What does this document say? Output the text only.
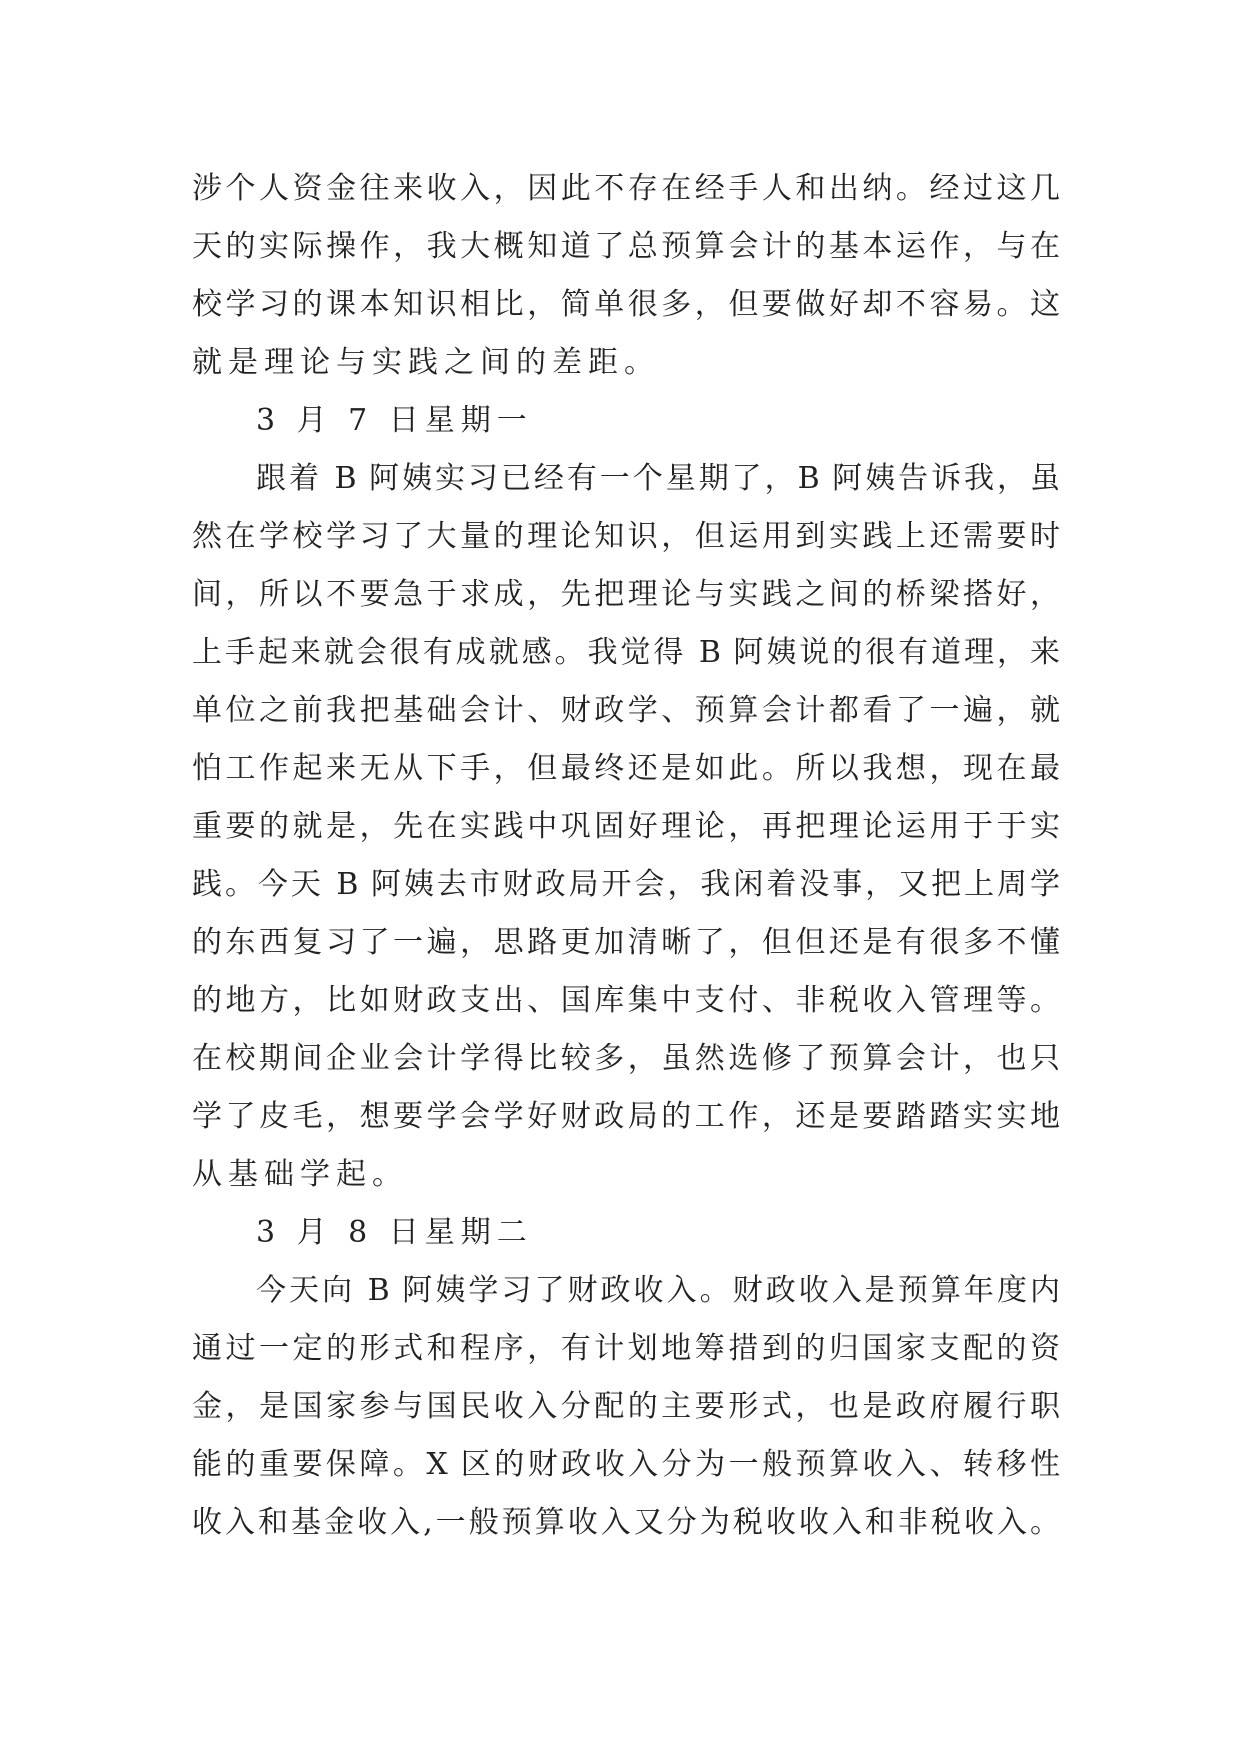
涉个人资金往来收入，因此不存在经手人和出纳。经过这几
天的实际操作，我大概知道了总预算会计的基本运作，与在
校学习的课本知识相比，简单很多，但要做好却不容易。这
就是理论与实践之间的差距。
3 月 7 日星期一
跟着 B 阿姨实习已经有一个星期了，B 阿姨告诉我，虽
然在学校学习了大量的理论知识，但运用到实践上还需要时
间，所以不要急于求成，先把理论与实践之间的桥梁搭好，
上手起来就会很有成就感。我觉得 B 阿姨说的很有道理，来
单位之前我把基础会计、财政学、预算会计都看了一遍，就
怕工作起来无从下手，但最终还是如此。所以我想，现在最
重要的就是，先在实践中巩固好理论，再把理论运用于于实
践。今天 B 阿姨去市财政局开会，我闲着没事，又把上周学
的东西复习了一遍，思路更加清晰了，但但还是有很多不懂
的地方，比如财政支出、国库集中支付、非税收入管理等。
在校期间企业会计学得比较多，虽然选修了预算会计，也只
学了皮毛，想要学会学好财政局的工作，还是要踏踏实实地
从基础学起。
3 月 8 日星期二
今天向 B 阿姨学习了财政收入。财政收入是预算年度内
通过一定的形式和程序，有计划地筹措到的归国家支配的资
金，是国家参与国民收入分配的主要形式，也是政府履行职
能的重要保障。X 区的财政收入分为一般预算收入、转移性
收入和基金收入,一般预算收入又分为税收收入和非税收入。
